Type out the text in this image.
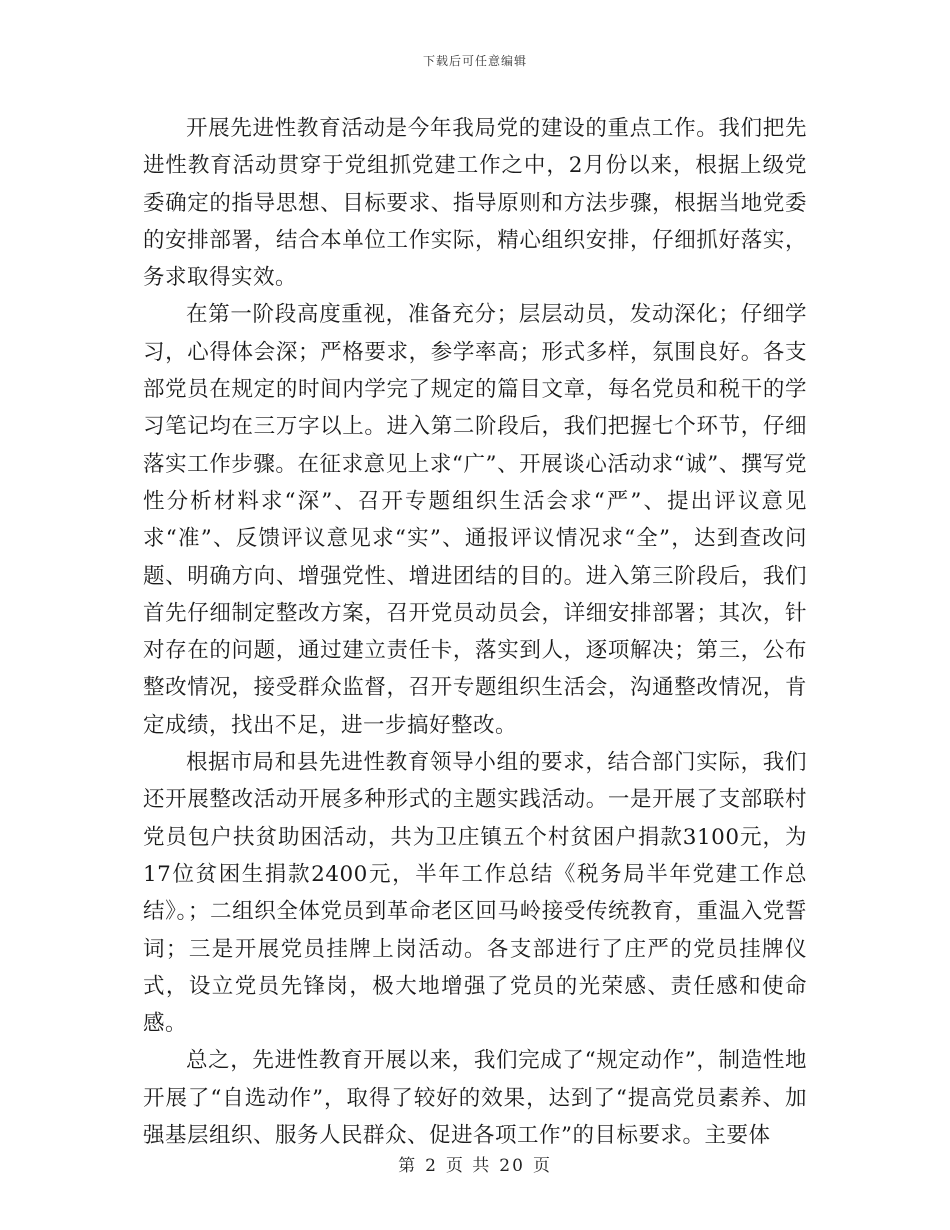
下载后可任意编辑

开展先进性教育活动是今年我局党的建设的重点工作。我们把先进性教育活动贯穿于党组抓党建工作之中，2月份以来，根据上级党委确定的指导思想、目标要求、指导原则和方法步骤，根据当地党委的安排部署，结合本单位工作实际，精心组织安排，仔细抓好落实，务求取得实效。

在第一阶段高度重视，准备充分；层层动员，发动深化；仔细学习，心得体会深；严格要求，参学率高；形式多样，氛围良好。各支部党员在规定的时间内学完了规定的篇目文章，每名党员和税干的学习笔记均在三万字以上。进入第二阶段后，我们把握七个环节，仔细落实工作步骤。在征求意见上求“广”、开展谈心活动求“诚”、撰写党性分析材料求“深”、召开专题组织生活会求“严”、提出评议意见求“准”、反馈评议意见求“实”、通报评议情况求“全”，达到查改问题、明确方向、增强党性、增进团结的目的。进入第三阶段后，我们首先仔细制定整改方案，召开党员动员会，详细安排部署；其次，针对存在的问题，通过建立责任卡，落实到人，逐项解决；第三，公布整改情况，接受群众监督，召开专题组织生活会，沟通整改情况，肯定成绩，找出不足，进一步搞好整改。

根据市局和县先进性教育领导小组的要求，结合部门实际，我们还开展整改活动开展多种形式的主题实践活动。一是开展了支部联村党员包户扶贫助困活动，共为卫庄镇五个村贫困户捐款3100元，为17位贫困生捐款2400元，半年工作总结《税务局半年党建工作总结》。；二组织全体党员到革命老区回马岭接受传统教育，重温入党誓词；三是开展党员挂牌上岗活动。各支部进行了庄严的党员挂牌仪式，设立党员先锋岗，极大地增强了党员的光荣感、责任感和使命感。

总之，先进性教育开展以来，我们完成了“规定动作”，制造性地开展了“自选动作”，取得了较好的效果，达到了“提高党员素养、加强基层组织、服务人民群众、促进各项工作”的目标要求。主要体

第 2 页 共 20 页
